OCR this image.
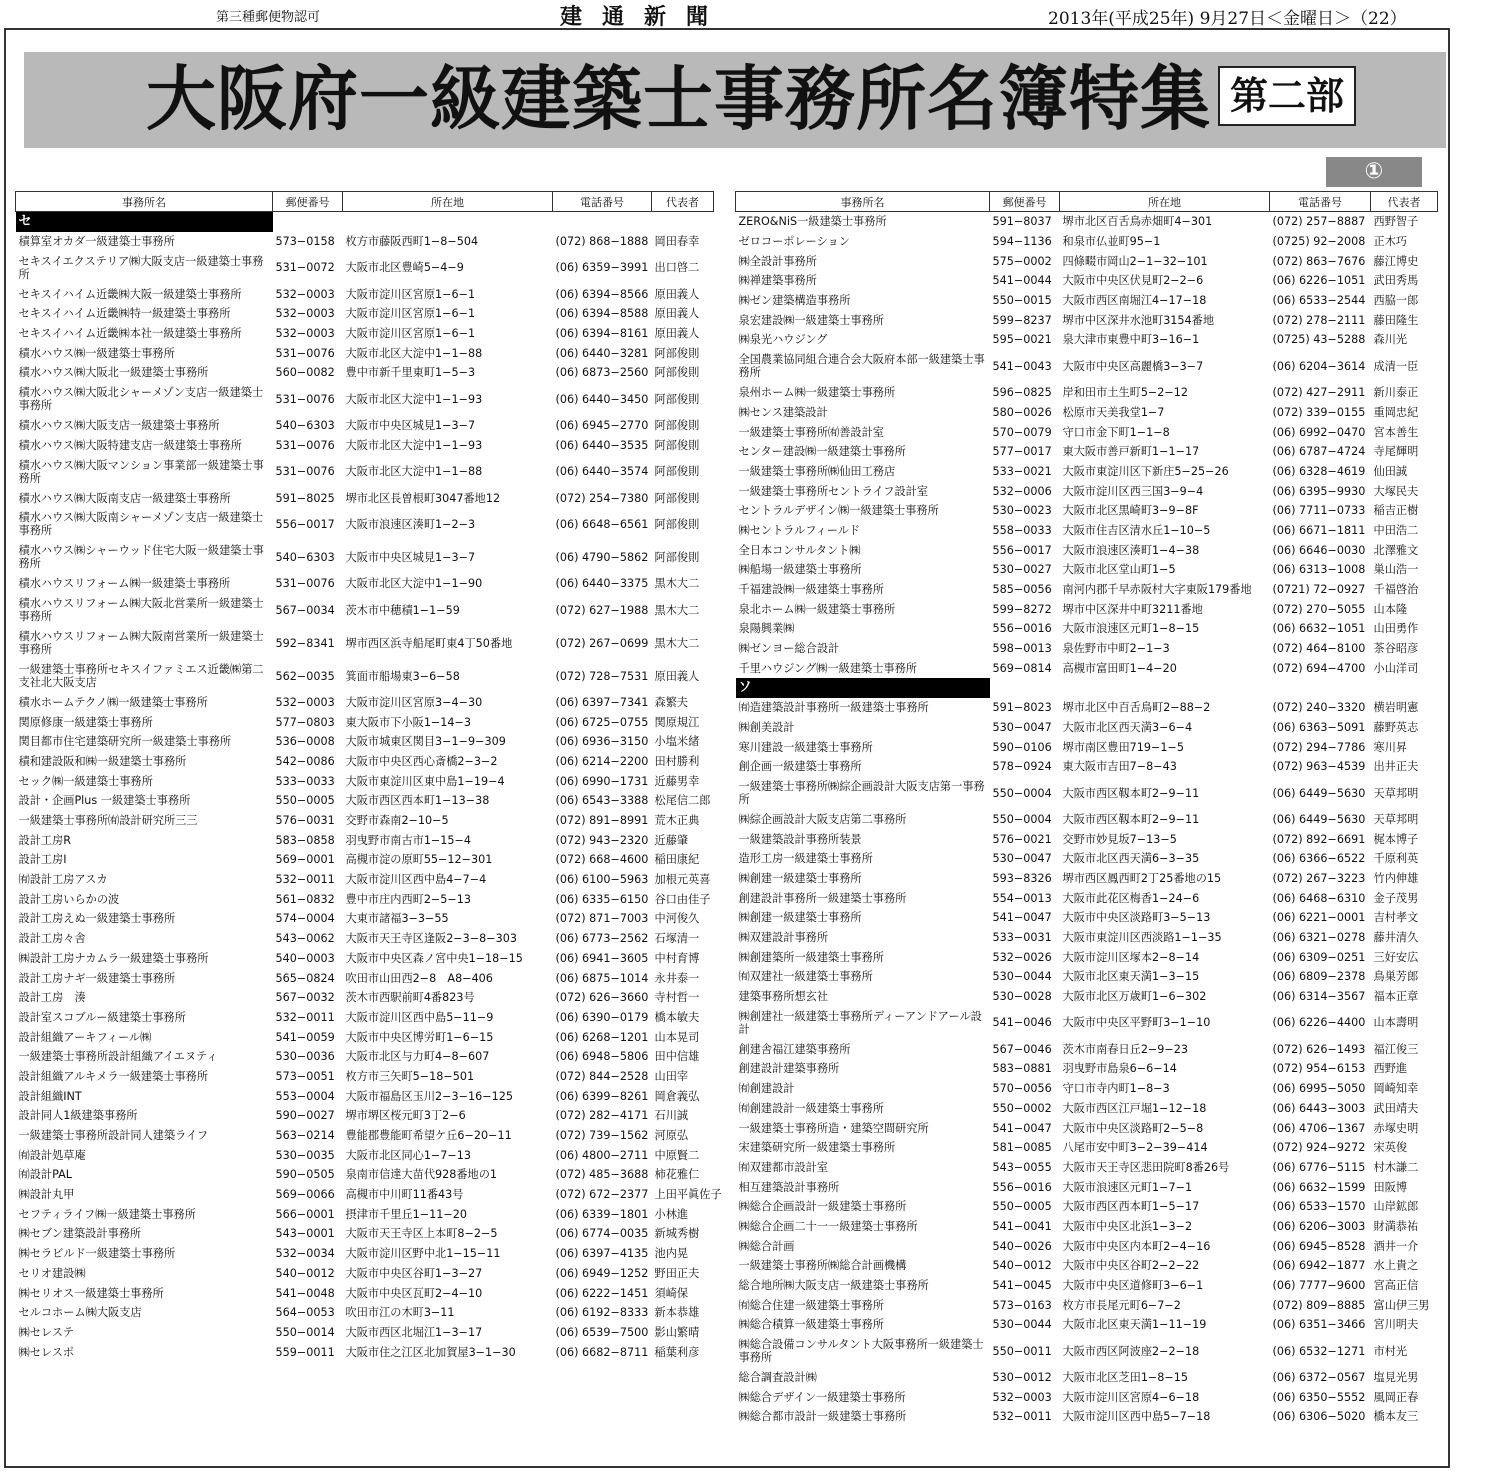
第三種郵便物認可	建通新聞	2013年(平成25年) 9月27日＜金曜日＞（22）
大阪府一級建築士事務所名簿特集 第二部
①
事務所名	郵便番号	所在地	電話番号	代表者
セ				
積算室オカダ一級建築士事務所	573−0158	枚方市藤阪西町1−8−504	(072) 868−1888	岡田春幸
セキスイエクステリア㈱大阪支店一級建築士事務所	531−0072	大阪市北区豊崎5−4−9	(06) 6359−3991	出口啓二
セキスイハイム近畿㈱大阪一級建築士事務所	532−0003	大阪市淀川区宮原1−6−1	(06) 6394−8566	原田義人
セキスイハイム近畿㈱特一級建築士事務所	532−0003	大阪市淀川区宮原1−6−1	(06) 6394−8588	原田義人
セキスイハイム近畿㈱本社一級建築士事務所	532−0003	大阪市淀川区宮原1−6−1	(06) 6394−8161	原田義人
積水ハウス㈱一級建築士事務所	531−0076	大阪市北区大淀中1−1−88	(06) 6440−3281	阿部俊則
積水ハウス㈱大阪北一級建築士事務所	560−0082	豊中市新千里東町1−5−3	(06) 6873−2560	阿部俊則
積水ハウス㈱大阪北シャーメゾン支店一級建築士事務所	531−0076	大阪市北区大淀中1−1−93	(06) 6440−3450	阿部俊則
積水ハウス㈱大阪支店一級建築士事務所	540−6303	大阪市中央区城見1−3−7	(06) 6945−2770	阿部俊則
積水ハウス㈱大阪特建支店一級建築士事務所	531−0076	大阪市北区大淀中1−1−93	(06) 6440−3535	阿部俊則
積水ハウス㈱大阪マンション事業部一級建築士事務所	531−0076	大阪市北区大淀中1−1−88	(06) 6440−3574	阿部俊則
積水ハウス㈱大阪南支店一級建築士事務所	591−8025	堺市北区長曽根町3047番地12	(072) 254−7380	阿部俊則
積水ハウス㈱大阪南シャーメゾン支店一級建築士事務所	556−0017	大阪市浪速区湊町1−2−3	(06) 6648−6561	阿部俊則
積水ハウス㈱シャーウッド住宅大阪一級建築士事務所	540−6303	大阪市中央区城見1−3−7	(06) 4790−5862	阿部俊則
積水ハウスリフォーム㈱一級建築士事務所	531−0076	大阪市北区大淀中1−1−90	(06) 6440−3375	黒木大二
積水ハウスリフォーム㈱大阪北営業所一級建築士事務所	567−0034	茨木市中穂積1−1−59	(072) 627−1988	黒木大二
積水ハウスリフォーム㈱大阪南営業所一級建築士事務所	592−8341	堺市西区浜寺船尾町東4丁50番地	(072) 267−0699	黒木大二
一級建築士事務所セキスイファミエス近畿㈱第二支社北大阪支店	562−0035	箕面市船場東3−6−58	(072) 728−7531	原田義人
積水ホームテクノ㈱一級建築士事務所	532−0003	大阪市淀川区宮原3−4−30	(06) 6397−7341	森繁夫
関原修康一級建築士事務所	577−0803	東大阪市下小阪1−14−3	(06) 6725−0755	関原規江
関目都市住宅建築研究所一級建築士事務所	536−0008	大阪市城東区関目3−1−9−309	(06) 6936−3150	小塩米緒
積和建設阪和㈱一級建築士事務所	542−0086	大阪市中央区西心斎橋2−3−2	(06) 6214−2200	田村勝利
セック㈱一級建築士事務所	533−0033	大阪市東淀川区東中島1−19−4	(06) 6990−1731	近藤男幸
設計・企画Plus 一級建築士事務所	550−0005	大阪市西区西本町1−13−38	(06) 6543−3388	松尾信二郎
一級建築士事務所㈲設計研究所三三	576−0031	交野市森南2−10−5	(072) 891−8991	荒木正典
設計工房R	583−0858	羽曳野市南古市1−15−4	(072) 943−2320	近藤肇
設計工房I	569−0001	高槻市淀の原町55−12−301	(072) 668−4600	稲田康紀
㈲設計工房アスカ	532−0011	大阪市淀川区西中島4−7−4	(06) 6100−5963	加根元英喜
設計工房いらかの波	561−0832	豊中市庄内西町2−5−13	(06) 6335−6150	谷口由佳子
設計工房えぬ一級建築士事務所	574−0004	大東市諸福3−3−55	(072) 871−7003	中河俊久
設計工房々舎	543−0062	大阪市天王寺区逢阪2−3−8−303	(06) 6773−2562	石塚清一
㈱設計工房ナカムラ一級建築士事務所	540−0003	大阪市中央区森ノ宮中央1−18−15	(06) 6941−3605	中村育博
設計工房ナギ一級建築士事務所	565−0824	吹田市山田西2−8　A8−406	(06) 6875−1014	永井泰一
設計工房　湊	567−0032	茨木市西駅前町4番823号	(072) 626−3660	寺村哲一
設計室スコブルー級建築士事務所	532−0011	大阪市淀川区西中島5−11−9	(06) 6390−0179	橋本敏夫
設計組織アーキフィール㈱	541−0059	大阪市中央区博労町1−6−15	(06) 6268−1201	山本晃司
一級建築士事務所設計組織アイエヌティ	530−0036	大阪市北区与力町4−8−607	(06) 6948−5806	田中信雄
設計組織アルキメラ一級建築士事務所	573−0051	枚方市三矢町5−18−501	(072) 844−2528	山田宰
設計組織INT	553−0004	大阪市福島区玉川2−3−16−125	(06) 6399−8261	岡倉義弘
設計同人1級建築事務所	590−0027	堺市堺区桜元町3丁2−6	(072) 282−4171	石川誠
一級建築士事務所設計同人建築ライフ	563−0214	豊能郡豊能町希望ケ丘6−20−11	(072) 739−1562	河原弘
㈲設計処草庵	530−0035	大阪市北区同心1−7−13	(06) 4800−2711	中原賢二
㈲設計PAL	590−0505	泉南市信達大苗代928番地の1	(072) 485−3688	柿花雅仁
㈱設計丸甲	569−0066	高槻市中川町11番43号	(072) 672−2377	上田平眞佐子
セフティライフ㈱一級建築士事務所	566−0001	摂津市千里丘1−11−20	(06) 6339−1801	小林進
㈱セブン建築設計事務所	543−0001	大阪市天王寺区上本町8−2−5	(06) 6774−0035	新城秀樹
㈱セラビルド一級建築士事務所	532−0034	大阪市淀川区野中北1−15−11	(06) 6397−4135	池内晃
セリオ建設㈱	540−0012	大阪市中央区谷町1−3−27	(06) 6949−1252	野田正夫
㈱セリオス一級建築士事務所	541−0048	大阪市中央区瓦町2−4−10	(06) 6222−1451	須崎保
セルコホーム㈱大阪支店	564−0053	吹田市江の木町3−11	(06) 6192−8333	新本恭雄
㈱セレステ	550−0014	大阪市西区北堀江1−3−17	(06) 6539−7500	影山繁晴
㈱セレスポ	559−0011	大阪市住之江区北加賀屋3−1−30	(06) 6682−8711	稲葉利彦
事務所名	郵便番号	所在地	電話番号	代表者
ZERO&NiS一級建築士事務所	591−8037	堺市北区百舌鳥赤畑町4−301	(072) 257−8887	西野智子
ゼロコーポレーション	594−1136	和泉市仏並町95−1	(0725) 92−2008	正木巧
㈱全設計事務所	575−0002	四條畷市岡山2−1−32−101	(072) 863−7676	藤江博史
㈱禅建築事務所	541−0044	大阪市中央区伏見町2−2−6	(06) 6226−1051	武田秀馬
㈱ゼン建築構造事務所	550−0015	大阪市西区南堀江4−17−18	(06) 6533−2544	西脇一郎
泉宏建設㈱一級建築士事務所	599−8237	堺市中区深井水池町3154番地	(072) 278−2111	藤田隆生
㈱泉光ハウジング	595−0021	泉大津市東豊中町3−16−1	(0725) 43−5288	森川光
全国農業協同組合連合会大阪府本部一級建築士事務所	541−0043	大阪市中央区高麗橋3−3−7	(06) 6204−3614	成清一臣
泉州ホーム㈱一級建築士事務所	596−0825	岸和田市土生町5−2−12	(072) 427−2911	新川泰正
㈱センス建築設計	580−0026	松原市天美我堂1−7	(072) 339−0155	重岡忠紀
一級建築士事務所㈲善設計室	570−0079	守口市金下町1−1−8	(06) 6992−0470	宮本善生
センター建設㈱一級建築士事務所	577−0017	東大阪市善戸新町1−1−17	(06) 6787−4724	寺尾輝明
一級建築士事務所㈱仙田工務店	533−0021	大阪市東淀川区下新庄5−25−26	(06) 6328−4619	仙田誠
一級建築士事務所セントライフ設計室	532−0006	大阪市淀川区西三国3−9−4	(06) 6395−9930	大塚民夫
セントラルデザイン㈱一級建築士事務所	530−0023	大阪市北区黒崎町3−9−8F	(06) 7711−0733	稲吉正樹
㈱セントラルフィールド	558−0033	大阪市住吉区清水丘1−10−5	(06) 6671−1811	中田浩二
全日本コンサルタント㈱	556−0017	大阪市浪速区湊町1−4−38	(06) 6646−0030	北澤雅文
㈱船場一級建築士事務所	530−0027	大阪市北区堂山町1−5	(06) 6313−1008	巣山浩一
千福建設㈱一級建築士事務所	585−0056	南河内郡千早赤阪村大字東阪179番地	(0721) 72−0927	千福啓治
泉北ホーム㈱一級建築士事務所	599−8272	堺市中区深井中町3211番地	(072) 270−5055	山本隆
泉陽興業㈱	556−0016	大阪市浪速区元町1−8−15	(06) 6632−1051	山田勇作
㈱ゼンヨー総合設計	598−0013	泉佐野市中町2−1−3	(072) 464−8100	茶谷昭彦
千里ハウジング㈱一級建築士事務所	569−0814	高槻市富田町1−4−20	(072) 694−4700	小山洋司
ソ				
㈲造建築設計事務所一級建築士事務所	591−8023	堺市北区中百舌鳥町2−88−2	(072) 240−3320	横岩明憲
㈱創美設計	530−0047	大阪市北区西天満3−6−4	(06) 6363−5091	藤野英志
寒川建設一級建築士事務所	590−0106	堺市南区豊田719−1−5	(072) 294−7786	寒川昇
創企画一級建築士事務所	578−0924	東大阪市吉田7−8−43	(072) 963−4539	出井正夫
一級建築士事務所㈱綜企画設計大阪支店第一事務所	550−0004	大阪市西区靱本町2−9−11	(06) 6449−5630	天草邦明
㈱綜企画設計大阪支店第二事務所	550−0004	大阪市西区靱本町2−9−11	(06) 6449−5630	天草邦明
一級建築設計事務所装景	576−0021	交野市妙見坂7−13−5	(072) 892−6691	梶本博子
造形工房一級建築士事務所	530−0047	大阪市北区西天満6−3−35	(06) 6366−6522	千原利英
㈱創建一級建築士事務所	593−8326	堺市西区鳳西町2丁25番地の15	(072) 267−3223	竹内伸雄
創建設計事務所一級建築士事務所	554−0013	大阪市此花区梅香1−24−6	(06) 6468−6310	金子茂男
㈱創建一級建築士事務所	541−0047	大阪市中央区淡路町3−5−13	(06) 6221−0001	吉村孝文
㈱双建設計事務所	533−0031	大阪市東淀川区西淡路1−1−35	(06) 6321−0278	藤井清久
㈱創建築所一級建築士事務所	532−0026	大阪市淀川区塚本2−8−14	(06) 6309−0251	三好安広
㈲双建社一級建築士事務所	530−0044	大阪市北区東天満1−3−15	(06) 6809−2378	鳥巣芳郎
建築事務所想玄社	530−0028	大阪市北区万歳町1−6−302	(06) 6314−3567	福本正章
㈱創建社一級建築士事務所ディーアンドアール設計	541−0046	大阪市中央区平野町3−1−10	(06) 6226−4400	山本壽明
創建舎福江建築事務所	567−0046	茨木市南春日丘2−9−23	(072) 626−1493	福江俊三
創建設計建築事務所	583−0881	羽曳野市島泉6−6−14	(072) 954−6153	西野進
㈲創建設計	570−0056	守口市寺内町1−8−3	(06) 6995−5050	岡崎知幸
㈲創建設計一級建築士事務所	550−0002	大阪市西区江戸堀1−12−18	(06) 6443−3003	武田靖夫
一級建築士事務所造・建築空間研究所	541−0047	大阪市中央区淡路町2−5−8	(06) 4706−1367	赤塚史明
宋建築研究所一級建築士事務所	581−0085	八尾市安中町3−2−39−414	(072) 924−9272	宋英俊
㈲双建都市設計室	543−0055	大阪市天王寺区悲田院町8番26号	(06) 6776−5115	村木謙二
相互建築設計事務所	556−0016	大阪市浪速区元町1−7−1	(06) 6632−1599	田阪博
㈱総合企画設計一級建築士事務所	550−0005	大阪市西区西本町1−5−17	(06) 6533−1570	山岸鉱郎
㈱総合企画二十一一級建築士事務所	541−0041	大阪市中央区北浜1−3−2	(06) 6206−3003	財満恭祐
㈱総合計画	540−0026	大阪市中央区内本町2−4−16	(06) 6945−8528	酒井一介
一級建築士事務所㈱総合計画機構	540−0012	大阪市中央区谷町2−2−22	(06) 6942−1877	水上貴之
総合地所㈱大阪支店一級建築士事務所	541−0045	大阪市中央区道修町3−6−1	(06) 7777−9600	宮高正信
㈲総合住建一級建築士事務所	573−0163	枚方市長尾元町6−7−2	(072) 809−8885	富山伊三男
㈱総合積算一級建築士事務所	530−0044	大阪市北区東天満1−11−19	(06) 6351−3466	宮川明夫
㈱総合設備コンサルタント大阪事務所一級建築士事務所	550−0011	大阪市西区阿波座2−2−18	(06) 6532−1271	市村光
総合調査設計㈱	530−0012	大阪市北区芝田1−8−15	(06) 6372−0567	塩見光男
㈱総合デザイン一級建築士事務所	532−0003	大阪市淀川区宮原4−6−18	(06) 6350−5552	風岡正春
㈱総合都市設計一級建築士事務所	532−0011	大阪市淀川区西中島5−7−18	(06) 6306−5020	橋本友三
